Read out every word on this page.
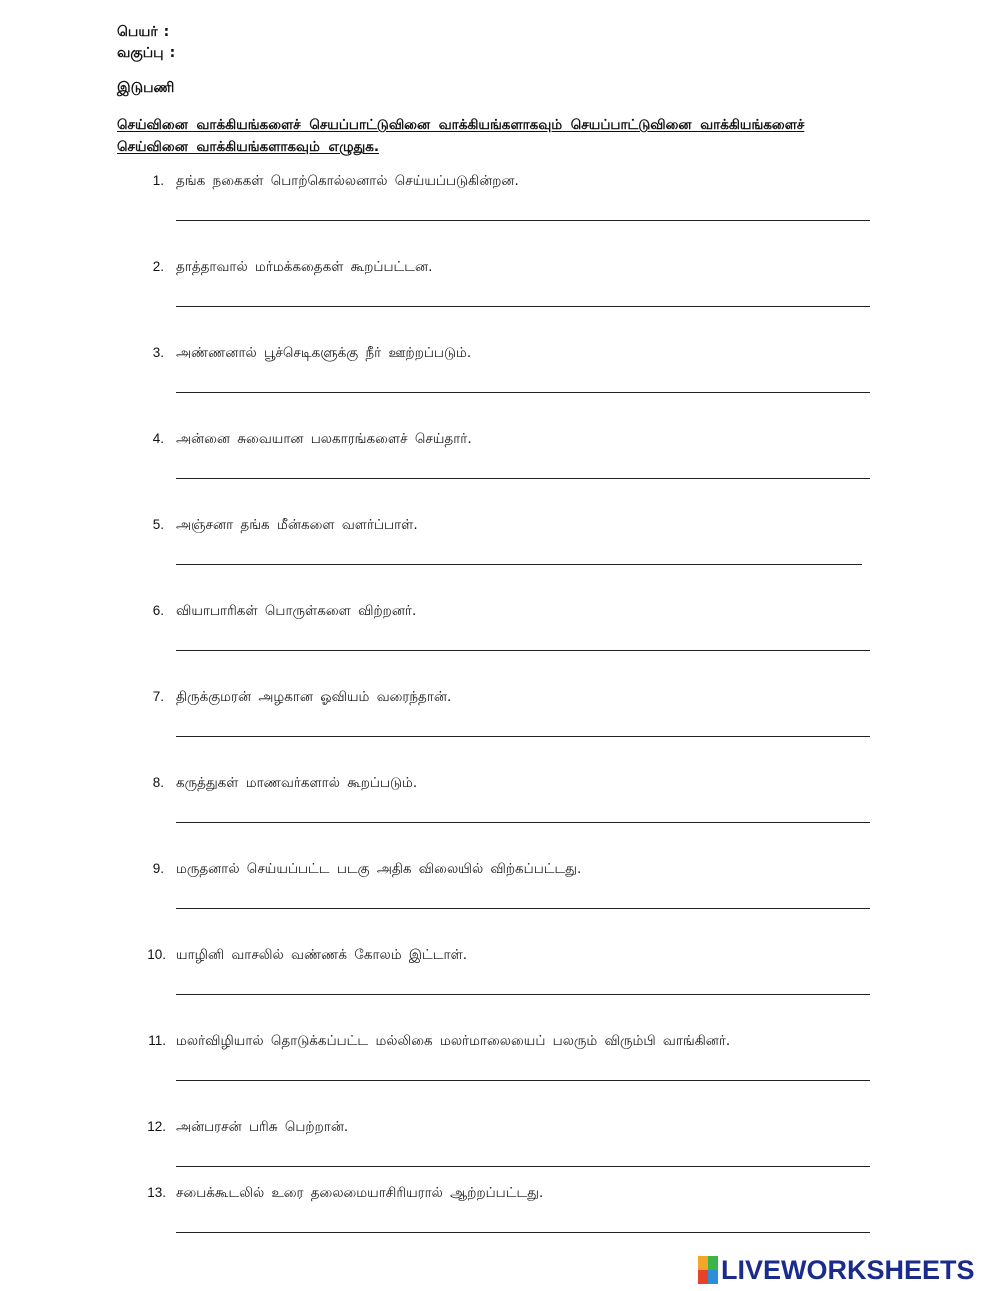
பெயர் :
வகுப்பு :
இடுபணி
செய்வினை வாக்கியங்களைச் செயப்பாட்டுவினை வாக்கியங்களாகவும் செயப்பாட்டுவினை வாக்கியங்களைச் செய்வினை வாக்கியங்களாகவும் எழுதுக.
1. தங்க நகைகள் பொற்கொல்லனால் செய்யப்படுகின்றன.
2. தாத்தாவால் மர்மக்கதைகள் கூறப்பட்டன.
3. அண்ணனால் பூச்செடிகளுக்கு நீர் ஊற்றப்படும்.
4. அன்னை சுவையான பலகாரங்களைச் செய்தார்.
5. அஞ்சனா தங்க மீன்களை வளர்ப்பாள்.
6. வியாபாரிகள் பொருள்களை விற்றனர்.
7. திருக்குமரன் அழகான ஓவியம் வரைந்தான்.
8. கருத்துகள் மாணவர்களால் கூறப்படும்.
9. மருதனால் செய்யப்பட்ட படகு அதிக விலையில் விற்கப்பட்டது.
10. யாழினி வாசலில் வண்ணக் கோலம் இட்டாள்.
11. மலர்விழியால் தொடுக்கப்பட்ட மல்லிகை மலர்மாலையைப் பலரும் விரும்பி வாங்கினர்.
12. அன்பரசன் பரிசு பெற்றான்.
13. சபைக்கூடலில் உரை தலைமையாசிரியரால் ஆற்றப்பட்டது.
LIVEWORKSHEETS
